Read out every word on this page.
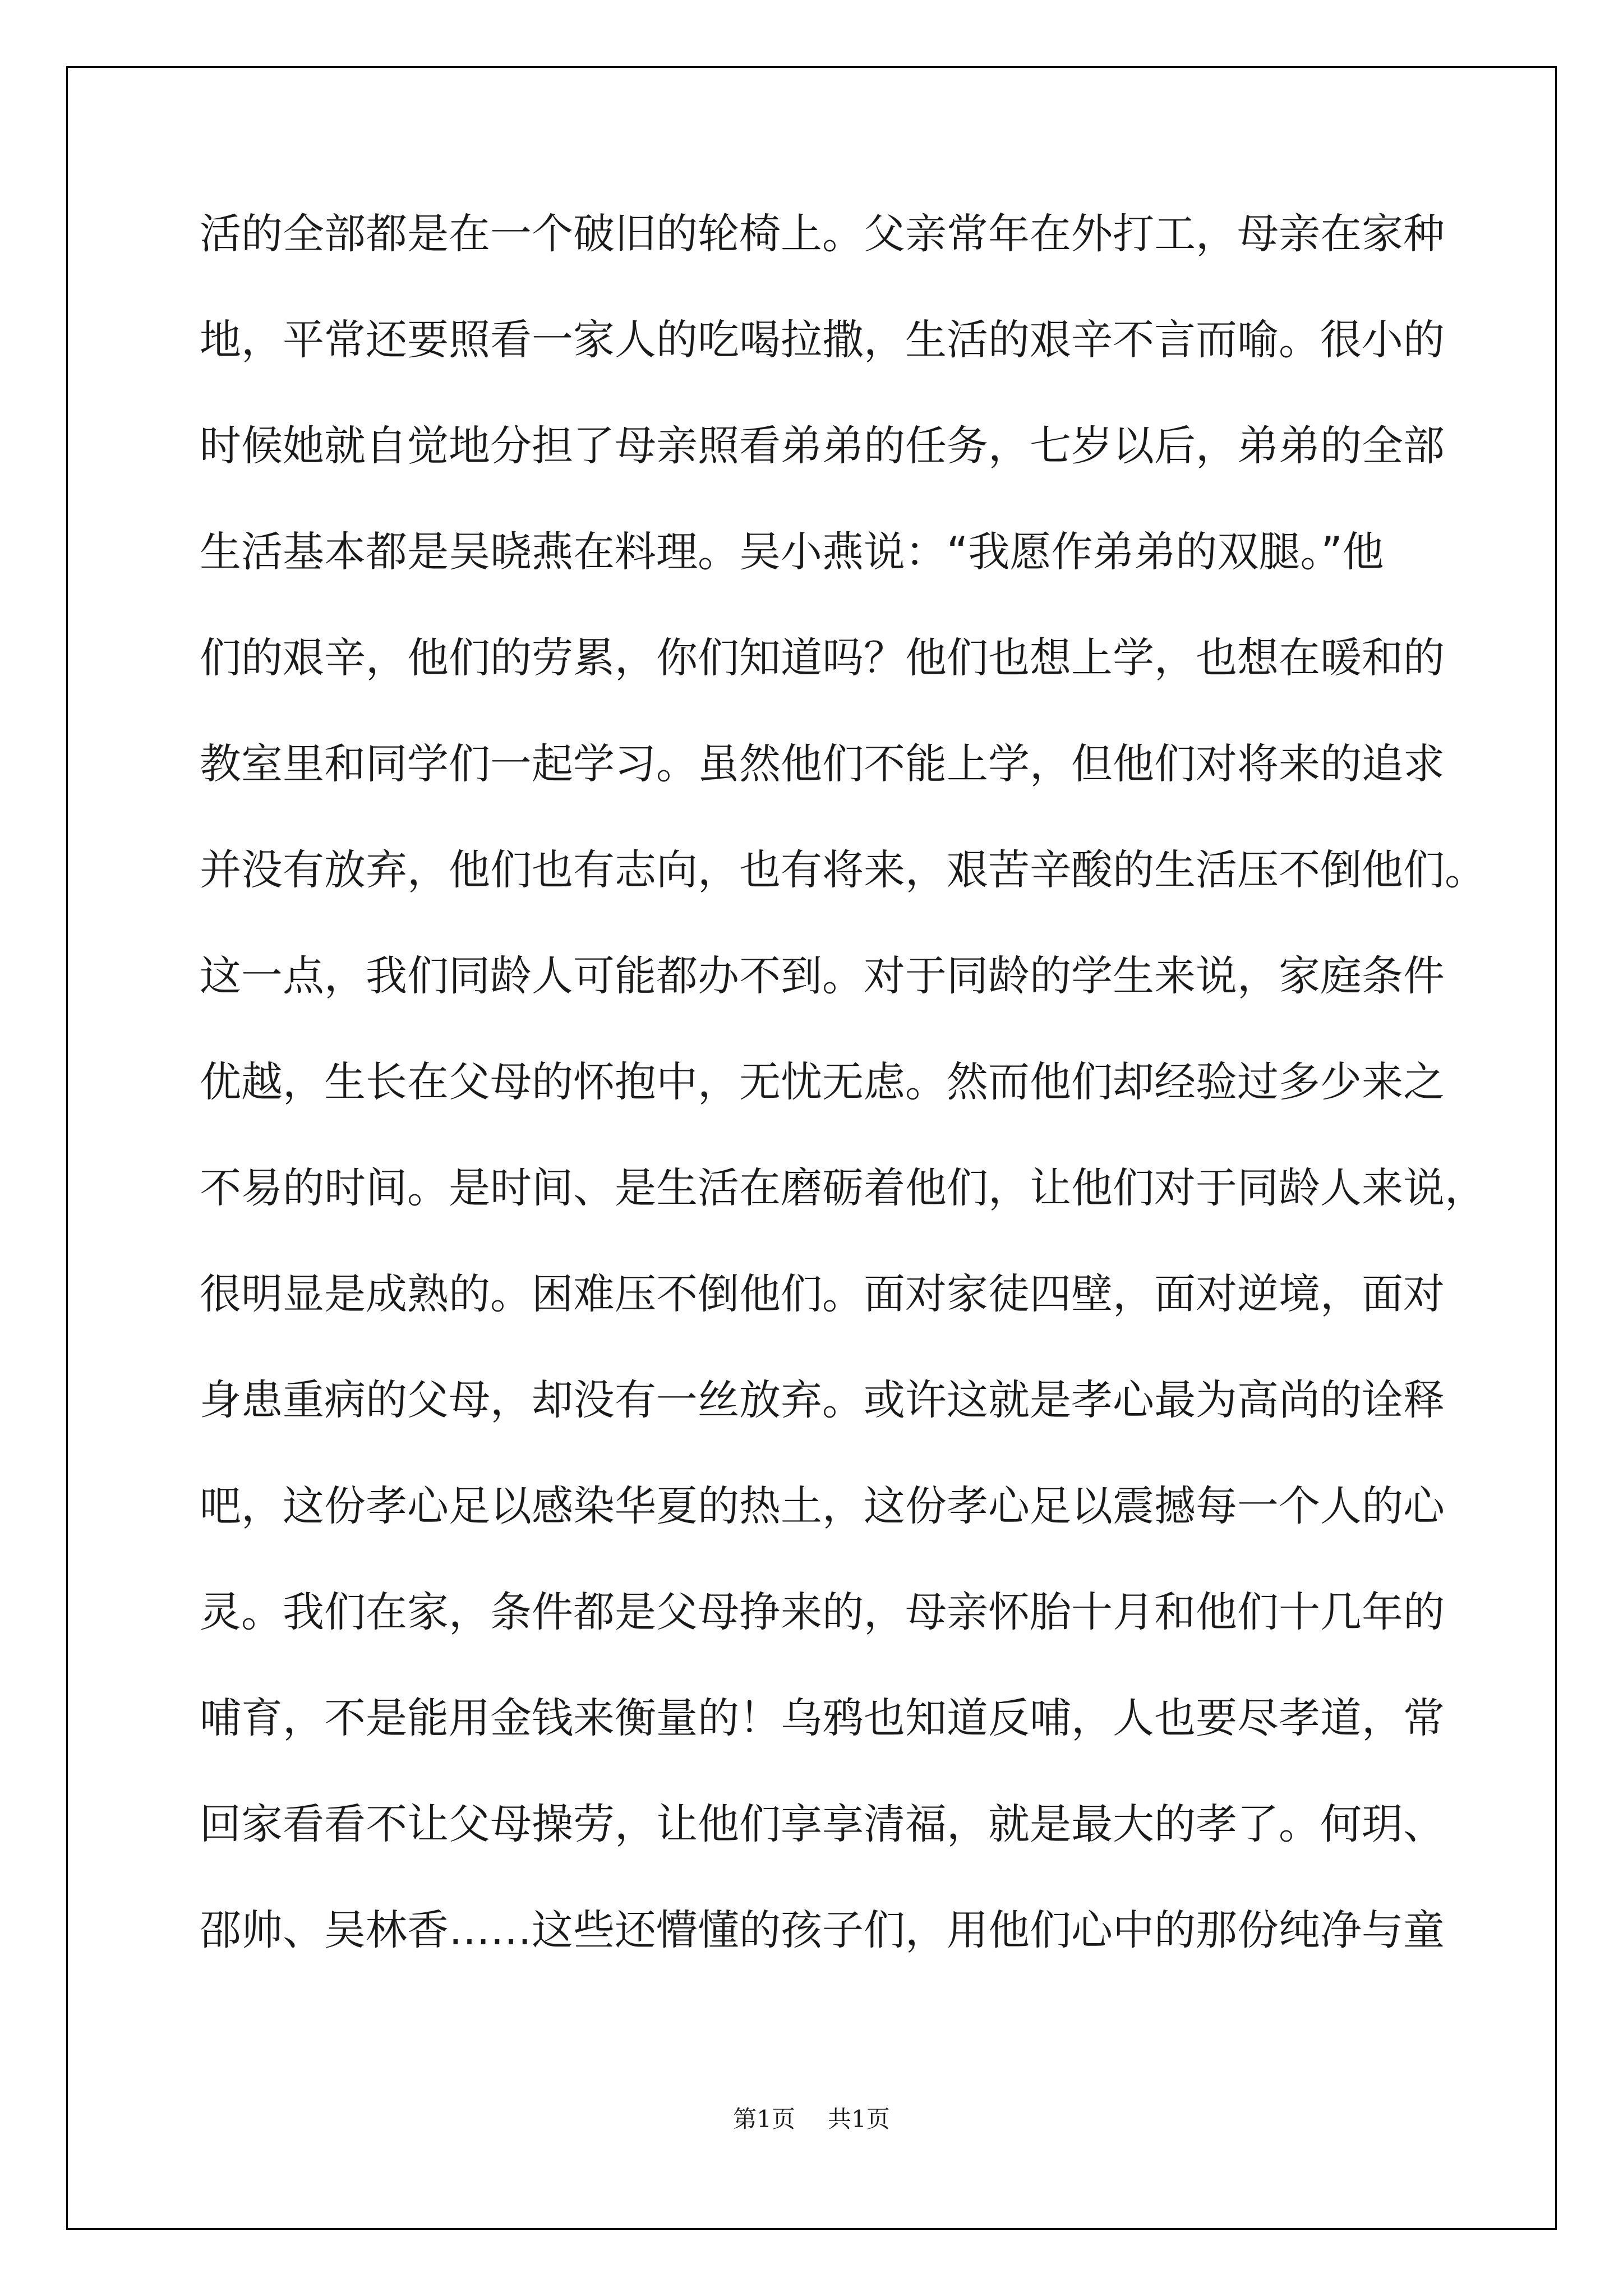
活的全部都是在一个破旧的轮椅上。父亲常年在外打工，母亲在家种
地，平常还要照看一家人的吃喝拉撒，生活的艰辛不言而喻。很小的
时候她就自觉地分担了母亲照看弟弟的任务，七岁以后，弟弟的全部
生活基本都是吴晓燕在料理。吴小燕说：“我愿作弟弟的双腿。”他
们的艰辛，他们的劳累，你们知道吗？他们也想上学，也想在暖和的
教室里和同学们一起学习。虽然他们不能上学，但他们对将来的追求
并没有放弃，他们也有志向，也有将来，艰苦辛酸的生活压不倒他们。
这一点，我们同龄人可能都办不到。对于同龄的学生来说，家庭条件
优越，生长在父母的怀抱中，无忧无虑。然而他们却经验过多少来之
不易的时间。是时间、是生活在磨砺着他们，让他们对于同龄人来说，
很明显是成熟的。困难压不倒他们。面对家徒四壁，面对逆境，面对
身患重病的父母，却没有一丝放弃。或许这就是孝心最为高尚的诠释
吧，这份孝心足以感染华夏的热土，这份孝心足以震撼每一个人的心
灵。我们在家，条件都是父母挣来的，母亲怀胎十月和他们十几年的
哺育，不是能用金钱来衡量的！乌鸦也知道反哺，人也要尽孝道，常
回家看看不让父母操劳，让他们享享清福，就是最大的孝了。何玥、
邵帅、吴林香……这些还懵懂的孩子们，用他们心中的那份纯净与童
第1页 共1页
